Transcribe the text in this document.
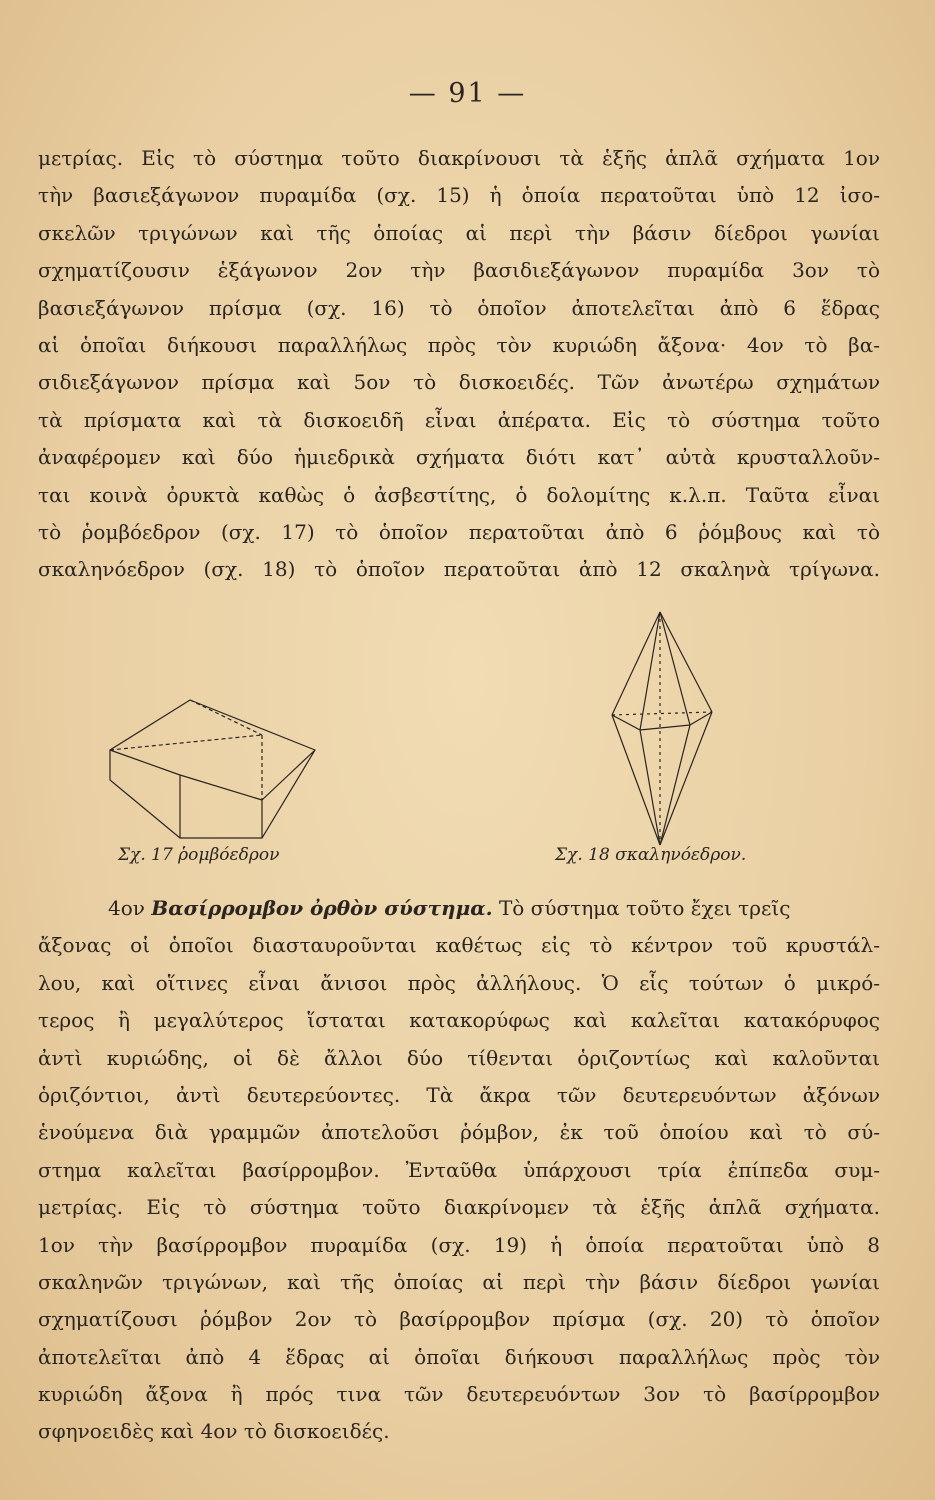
— 91 —
μετρίας. Εἰς τὸ σύστημα τοῦτο διακρίνουσι τὰ ἑξῆς ἁπλᾶ σχήματα 1ον
τὴν βασιεξάγωνον πυραμίδα (σχ. 15) ἡ ὁποία περατοῦται ὑπὸ 12 ἰσο-
σκελῶν τριγώνων καὶ τῆς ὁποίας αἱ περὶ τὴν βάσιν δίεδροι γωνίαι
σχηματίζουσιν ἑξάγωνον 2ον τὴν βασιδιεξάγωνον πυραμίδα 3ον τὸ
βασιεξάγωνον πρίσμα (σχ. 16) τὸ ὁποῖον ἀποτελεῖται ἀπὸ 6 ἕδρας
αἱ ὁποῖαι διήκουσι παραλλήλως πρὸς τὸν κυριώδη ἄξονα· 4ον τὸ βα-
σιδιεξάγωνον πρίσμα καὶ 5ον τὸ δισκοειδές. Τῶν ἀνωτέρω σχημάτων
τὰ πρίσματα καὶ τὰ δισκοειδῆ εἶναι ἀπέρατα. Εἰς τὸ σύστημα τοῦτο
ἀναφέρομεν καὶ δύο ἡμιεδρικὰ σχήματα διότι κατ᾽ αὐτὰ κρυσταλλοῦν-
ται κοινὰ ὀρυκτὰ καθὼς ὁ ἀσβεστίτης, ὁ δολομίτης κ.λ.π. Ταῦτα εἶναι
τὸ ῥομβόεδρον (σχ. 17) τὸ ὁποῖον περατοῦται ἀπὸ 6 ῥόμβους καὶ τὸ
σκαληνόεδρον (σχ. 18) τὸ ὁποῖον περατοῦται ἀπὸ 12 σκαληνὰ τρίγωνα.
Σχ. 17 ῥομβόεδρον	Σχ. 18 σκαληνόεδρον.
4ον Βασίρρομβον ὀρθὸν σύστημα. Τὸ σύστημα τοῦτο ἔχει τρεῖς
ἄξονας οἱ ὁποῖοι διασταυροῦνται καθέτως εἰς τὸ κέντρον τοῦ κρυστάλ-
λου, καὶ οἵτινες εἶναι ἄνισοι πρὸς ἀλλήλους. Ὁ εἷς τούτων ὁ μικρό-
τερος ἢ μεγαλύτερος ἵσταται κατακορύφως καὶ καλεῖται κατακόρυφος
ἀντὶ κυριώδης, οἱ δὲ ἄλλοι δύο τίθενται ὁριζοντίως καὶ καλοῦνται
ὁριζόντιοι, ἀντὶ δευτερεύοντες. Τὰ ἄκρα τῶν δευτερευόντων ἀξόνων
ἑνούμενα διὰ γραμμῶν ἀποτελοῦσι ῥόμβον, ἐκ τοῦ ὁποίου καὶ τὸ σύ-
στημα καλεῖται βασίρρομβον. Ἐνταῦθα ὑπάρχουσι τρία ἐπίπεδα συμ-
μετρίας. Εἰς τὸ σύστημα τοῦτο διακρίνομεν τὰ ἑξῆς ἁπλᾶ σχήματα.
1ον τὴν βασίρρομβον πυραμίδα (σχ. 19) ἡ ὁποία περατοῦται ὑπὸ 8
σκαληνῶν τριγώνων, καὶ τῆς ὁποίας αἱ περὶ τὴν βάσιν δίεδροι γωνίαι
σχηματίζουσι ῥόμβον 2ον τὸ βασίρρομβον πρίσμα (σχ. 20) τὸ ὁποῖον
ἀποτελεῖται ἀπὸ 4 ἕδρας αἱ ὁποῖαι διήκουσι παραλλήλως πρὸς τὸν
κυριώδη ἄξονα ἢ πρός τινα τῶν δευτερευόντων 3ον τὸ βασίρρομβον
σφηνοειδὲς καὶ 4ον τὸ δισκοειδές.
